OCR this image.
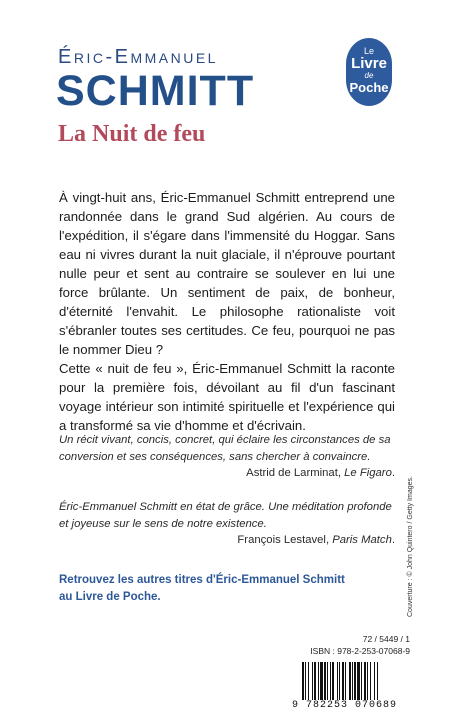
Éric-Emmanuel
SCHMITT
La Nuit de feu
Le
Livre
de
Poche

À vingt-huit ans, Éric-Emmanuel Schmitt entreprend une randonnée dans le grand Sud algérien. Au cours de l'expédition, il s'égare dans l'immensité du Hoggar. Sans eau ni vivres durant la nuit glaciale, il n'éprouve pourtant nulle peur et sent au contraire se soulever en lui une force brûlante. Un sentiment de paix, de bonheur, d'éternité l'envahit. Le philosophe rationaliste voit s'ébranler toutes ses certitudes. Ce feu, pourquoi ne pas le nommer Dieu ?

Cette « nuit de feu », Éric-Emmanuel Schmitt la raconte pour la première fois, dévoilant au fil d'un fascinant voyage intérieur son intimité spirituelle et l'expérience qui a transformé sa vie d'homme et d'écrivain.

Un récit vivant, concis, concret, qui éclaire les circonstances de sa conversion et ses conséquences, sans chercher à convaincre.

Astrid de Larminat, Le Figaro.

Éric-Emmanuel Schmitt en état de grâce. Une méditation profonde et joyeuse sur le sens de notre existence.

François Lestavel, Paris Match.

Retrouvez les autres titres d'Éric-Emmanuel Schmitt au Livre de Poche.
72 / 5449 / 1
ISBN : 978-2-253-07068-9
Couverture : © John Quintero / Getty Images.
9 782253 070689
